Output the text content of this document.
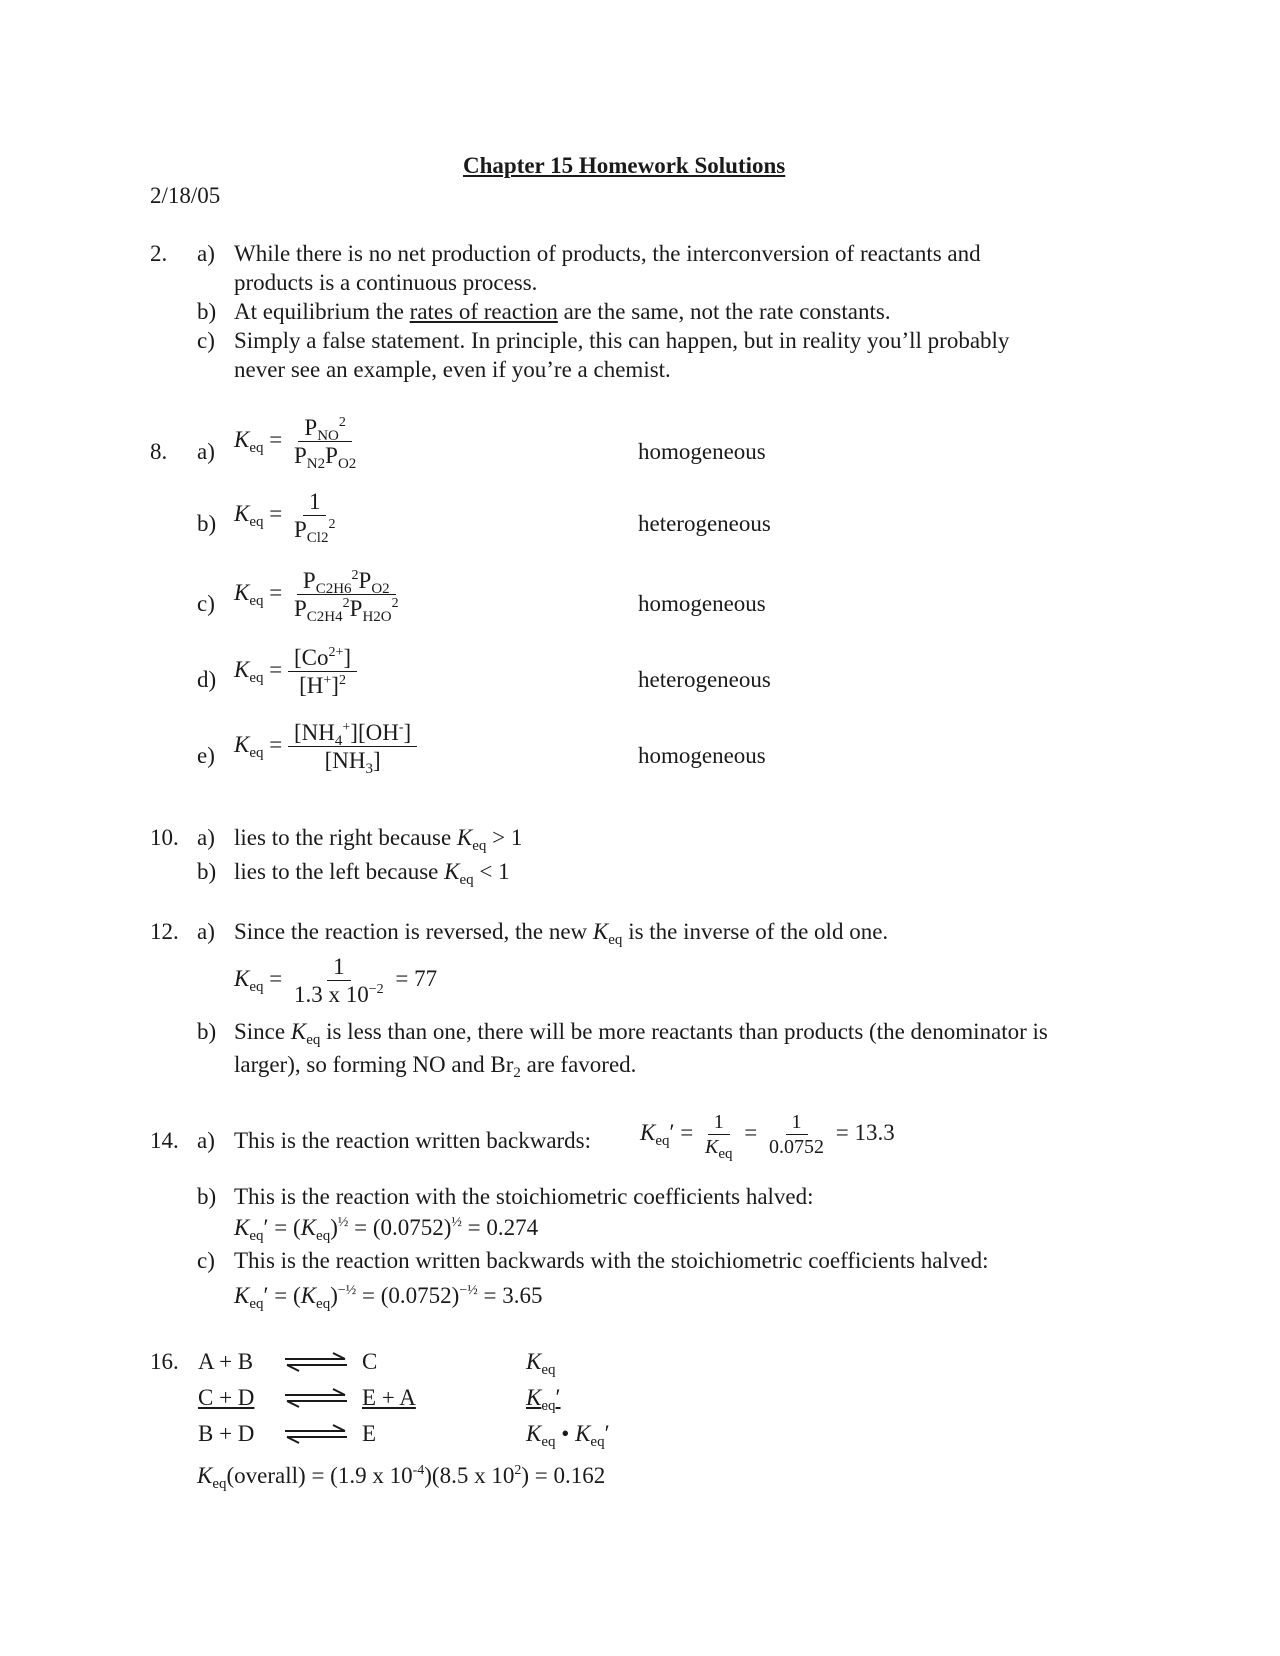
Chapter 15 Homework Solutions
2/18/05
2. a) While there is no net production of products, the interconversion of reactants and
products is a continuous process.
b) At equilibrium the rates of reaction are the same, not the rate constants.
c) Simply a false statement. In principle, this can happen, but in reality you’ll probably
never see an example, even if you’re a chemist.
8. a) $K_{eq} = \frac{P_{NO}^2}{P_{N2}P_{O2}}$	homogeneous
b) $K_{eq} = \frac{1}{P_{Cl2}^2}$	heterogeneous
c) $K_{eq} = \frac{P_{C2H6}^2P_{O2}}{P_{C2H4}^2P_{H2O}^2}$	homogeneous
d) $K_{eq} = \frac{[Co^{2+}]}{[H^+]^2}$	heterogeneous
e) $K_{eq} = \frac{[NH_4^+][OH^-]}{[NH_3]}$	homogeneous
10. a) lies to the right because $K_{eq} > 1$
b) lies to the left because $K_{eq} < 1$
12. a) Since the reaction is reversed, the new $K_{eq}$ is the inverse of the old one.
$K_{eq} = \frac{1}{1.3 x 10^{-2}} = 77$
b) Since $K_{eq}$ is less than one, there will be more reactants than products (the denominator is
larger), so forming NO and $Br_2$ are favored.
14. a) This is the reaction written backwards: $K_{eq}' = \frac{1}{K_{eq}} = \frac{1}{0.0752} = 13.3$
b) This is the reaction with the stoichiometric coefficients halved:
$K_{eq}' = (K_{eq})^{\frac{1}{2}} = (0.0752)^{\frac{1}{2}} = 0.274$
c) This is the reaction written backwards with the stoichiometric coefficients halved:
$K_{eq}' = (K_{eq})^{-\frac{1}{2}} = (0.0752)^{-\frac{1}{2}} = 3.65$
16. A + B ⇌ C	$K_{eq}$
C + D ⇌ E + A	$K_{eq}'$
B + D ⇌ E	$K_{eq}$ • $K_{eq}'$
$K_{eq}(overall) = (1.9$ x $10^{-4})(8.5$ x $10^2) = 0.162$
